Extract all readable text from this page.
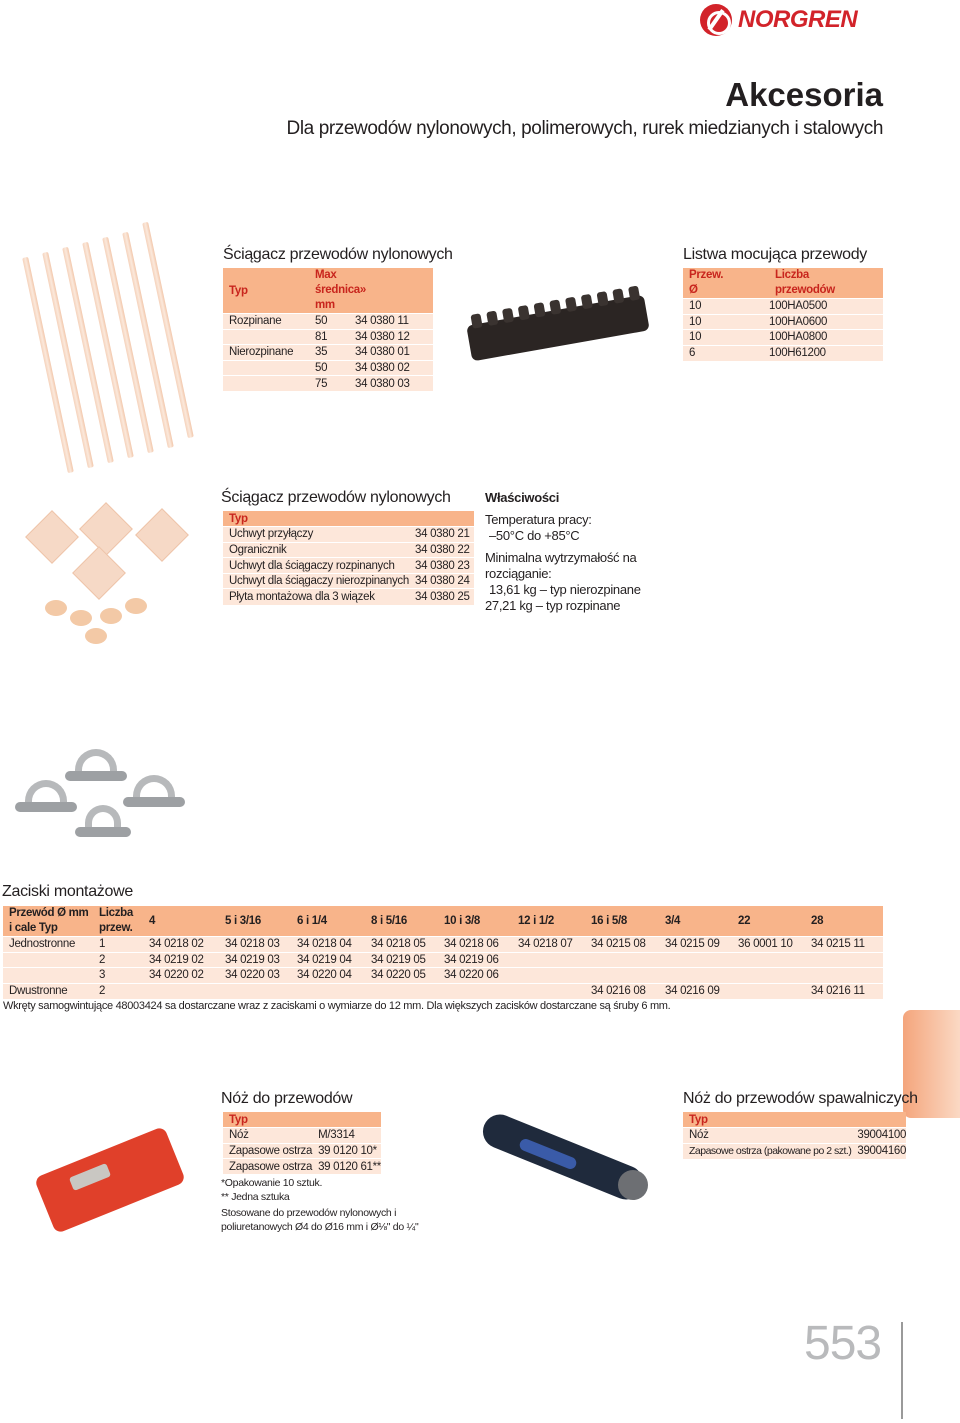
NORGREN
Akcesoria
Dla przewodów nylonowych, polimerowych, rurek miedzianych i stalowych
Ściągacz przewodów nylonowych
Typ	Max średnica» mm	
Rozpinane	50	34 0380 11
	81	34 0380 12
Nierozpinane	35	34 0380 01
	50	34 0380 02
	75	34 0380 03
Listwa mocująca przewody
Przew. Ø	Liczba przewodów
10	100HA0500
10	100HA0600
10	100HA0800
6	100H61200
Ściągacz przewodów nylonowych
Typ	
Uchwyt przyłączy	34 0380 21
Ogranicznik	34 0380 22
Uchwyt dla ściągaczy rozpinanych	34 0380 23
Uchwyt dla ściągaczy nierozpinanych	34 0380 24
Płyta montażowa dla 3 wiązek	34 0380 25
Właściwości
Temperatura pracy:
–50°C do +85°C
Minimalna wytrzymałość na rozciąganie:
13,61 kg – typ nierozpinane
27,21 kg – typ rozpinane
Zaciski montażowe
Przewód Ø mm i cale Typ	Liczba przew.	4	5 i 3/16	6 i 1/4	8 i 5/16	10 i 3/8	12 i 1/2	16 i 5/8	3/4	22	28
Jednostronne	1	34 0218 02	34 0218 03	34 0218 04	34 0218 05	34 0218 06	34 0218 07	34 0215 08	34 0215 09	36 0001 10	34 0215 11
	2	34 0219 02	34 0219 03	34 0219 04	34 0219 05	34 0219 06					
	3	34 0220 02	34 0220 03	34 0220 04	34 0220 05	34 0220 06					
Dwustronne	2							34 0216 08	34 0216 09		34 0216 11
Wkręty samogwintujące 48003424 sa dostarczane wraz z zaciskami o wymiarze do 12 mm. Dla większych zacisków dostarczane są śruby 6 mm.
Nóż do przewodów
Typ	
Nóż	M/3314
Zapasowe ostrza	39 0120 10*
Zapasowe ostrza	39 0120 61**
*Opakowanie 10 sztuk.
** Jedna sztuka
Stosowane do przewodów nylonowych i
poliuretanowych Ø4 do Ø16 mm i Ø⅛" do ¼"
Nóż do przewodów spawalniczych
Typ	
Nóż	39004100
Zapasowe ostrza (pakowane po 2 szt.)	39004160
553
